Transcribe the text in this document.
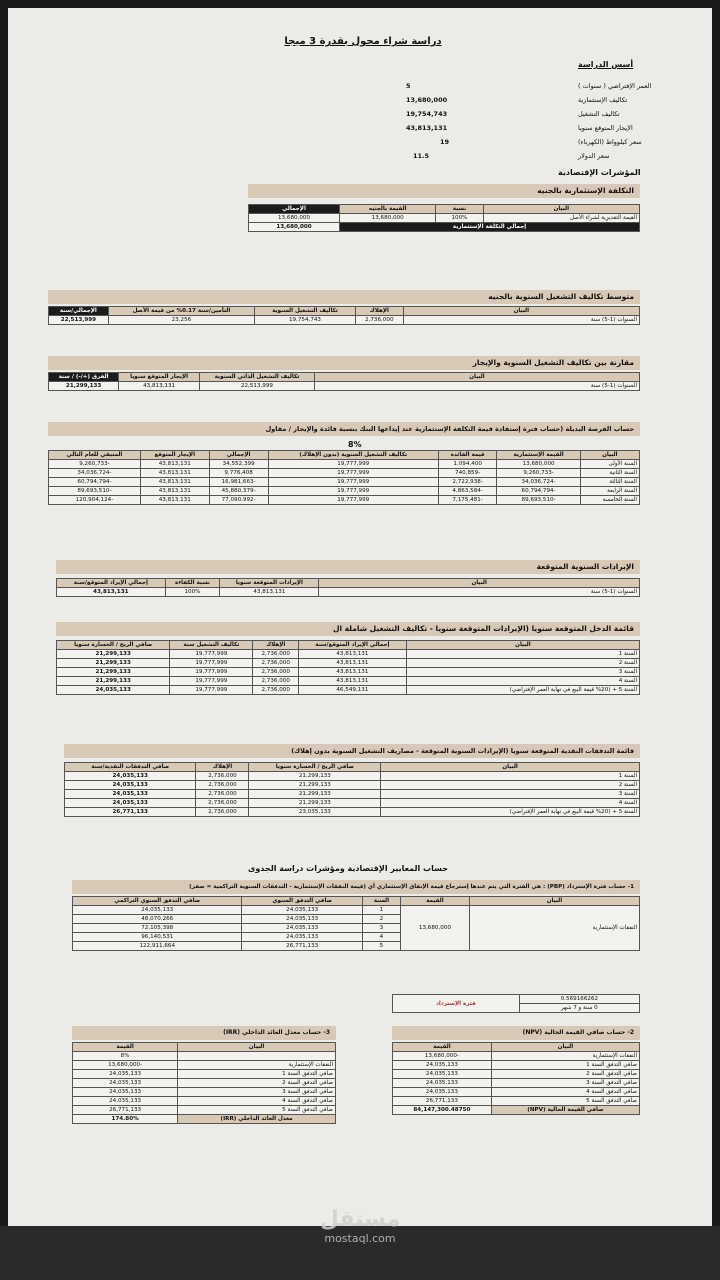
دراسة شراء محول بقدرة 3 ميجا
أسس الدراسة
العمر الإفتراضي ( سنوات )
5
تكاليف الإستثمارية
13,680,000
تكاليف التشغيل
19,754,743
الإيجار المتوقع سنويا
43,813,131
سعر كيلوواط (الكهرباء)
19
سعر الدولار
11.5
المؤشرات الإقتصادية
التكلفة الإستثمارية بالجنيه
البيان	نسبة	القيمة بالجنيه	الإجمالي
القيمة التقديرية لشراء الأصل	100%	13,680,000	13,680,000
إجمالي التكلفة الإستثمارية			13,680,000
متوسط تكاليف التشغيل السنوية بالجنيه
البيان	الإهلاك	تكاليف التشغيل السنوية	التأمين/سنة 0.17% من قيمة الأصل	الإجمالي/سنة
السنوات (1-5) سنة	2,736,000	19,754,743	23,256	22,513,999
مقارنة بين تكاليف التشغيل السنوية والإيجار
البيان	تكاليف التشغيل الذاتي السنوية	الإيجار المتوقع سنويا	الفرق (+/-) / سنة
السنوات (1-5) سنة	22,513,999	43,813,131	21,299,133
حساب الفرصة البديلة (حساب فترة إستفادة قيمة التكلفة الإستثمارية عند إيداعها البنك بنسبة فائدة والإيجار / مقاول
8%
البيان	القيمة الإستثمارية	قيمة الفائدة	تكاليف التشغيل السنوية (بدون الإهلاك)	الإجمالي	الإيجار المتوقع	المتبقي للعام التالي
السنة الأولى	13,680,000	1,094,400	19,777,999	34,552,399	43,813,131	-9,260,733
السنة الثانية	-9,260,733	-740,859	19,777,999	9,776,408	43,813,131	-34,036,724
السنة الثالثة	-34,036,724	-2,722,938	19,777,999	-16,981,663	43,813,131	-60,794,794
السنة الرابعة	-60,794,794	-4,863,584	19,777,999	-45,880,379	43,813,131	-89,693,510
السنة الخامسة	-89,693,510	-7,175,481	19,777,999	-77,090,992	43,813,131	-120,904,124
الإيرادات السنوية المتوقعة
البيان	الإيرادات المتوقعة سنويا	نسبة الكفاءة	إجمالي الإيراد المتوقع/سنة
السنوات (1-5) سنة	43,813,131	100%	43,813,131
قائمة الدخل المتوقعة سنويا (الإيرادات المتوقعة سنويا - تكاليف التشغيل شاملة ال
البيان	إجمالي الإيراد المتوقع/سنة	الإهلاك	تكاليف التشغيل سنة	صافي الربح / الخسارة سنويا
السنة 1	43,813,131	2,736,000	19,777,999	21,299,133
السنة 2	43,813,131	2,736,000	19,777,999	21,299,133
السنة 3	43,813,131	2,736,000	19,777,999	21,299,133
السنة 4	43,813,131	2,736,000	19,777,999	21,299,133
السنة 5 + (20% قيمة البيع في نهاية العمر الإفتراضي)	46,549,131	2,736,000	19,777,999	24,035,133
قائمة التدفقات النقدية المتوقعة سنويا (الإيرادات السنوية المتوقعة - مصاريف التشغيل السنوية بدون إهلاك)
البيان	صافي الربح / الخسارة سنويا	الإهلاك	صافي التدفقات النقدية/سنة
السنة 1	21,299,133	2,736,000	24,035,133
السنة 2	21,299,133	2,736,000	24,035,133
السنة 3	21,299,133	2,736,000	24,035,133
السنة 4	21,299,133	2,736,000	24,035,133
السنة 5 + (20% قيمة البيع في نهاية العمر الإفتراضي)	23,035,133	2,736,000	26,771,133
حساب المعايير الإقتصادية ومؤشرات دراسة الجدوى
1- حساب فترة الإسترداد (PBP) : هي الفترة التي يتم عندها إسترجاع قيمة الإنفاق الإستثماري أي (قيمة النفقات الإستثمارية - التدفقات السنوية التراكمية = صفر)
البيان	القيمة	السنة	صافي التدفق السنوي	صافي التدفق السنوي التراكمي
النفقات الإستثمارية	13,680,000	1	24,035,133	24,035,133
		2	24,035,133	48,070,266
		3	24,035,133	72,105,398
		4	24,035,133	96,140,531
		5	26,771,133	122,911,664
0.569166262	فترة الإسترداد
0 سنة و 7 شهر
3- حساب معدل العائد الداخلي (IRR)
البيان	القيمة
	8%
النفقات الإستثمارية	-13,680,000
صافي التدفق السنة 1	24,035,133
صافي التدفق السنة 2	24,035,133
صافي التدفق السنة 3	24,035,133
صافي التدفق السنة 4	24,035,133
صافي التدفق السنة 5	26,771,133
معدل العائد الداخلي (IRR)	174.80%
2- حساب صافي القيمة الحالية (NPV)
البيان	القيمة
النفقات الإستثمارية	-13,680,000
صافي التدفق السنة 1	24,035,133
صافي التدفق السنة 2	24,035,133
صافي التدفق السنة 3	24,035,133
صافي التدفق السنة 4	24,035,133
صافي التدفق السنة 5	26,771,133
صافي القيمة الحالية (NPV)	84,147,300.48750
مستقل
mostaql.com
